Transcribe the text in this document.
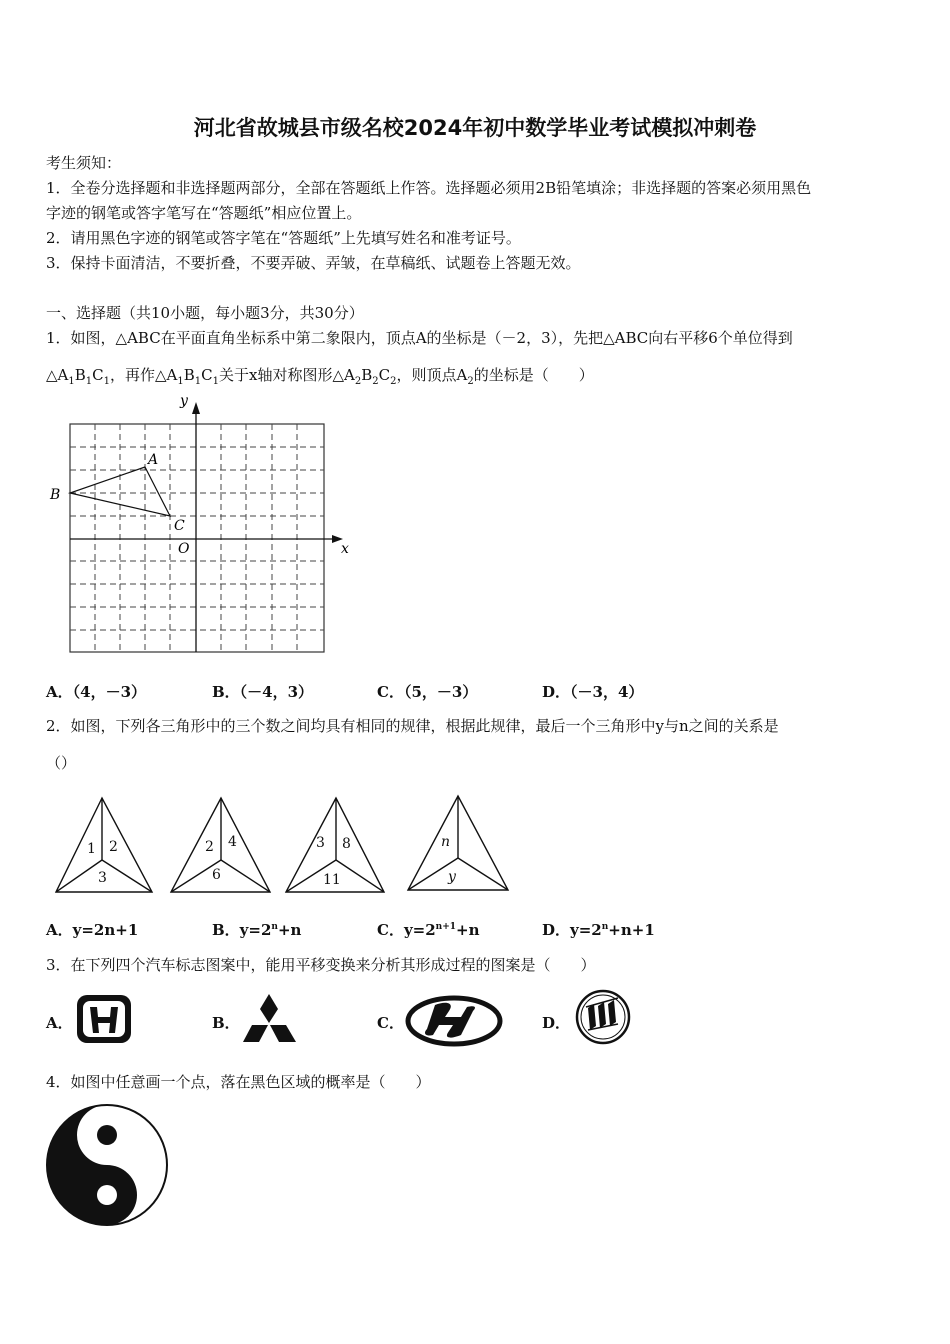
河北省故城县市级名校2024年初中数学毕业考试模拟冲刺卷
考生须知：
1．全卷分选择题和非选择题两部分，全部在答题纸上作答。选择题必须用2B铅笔填涂；非选择题的答案必须用黑色
字迹的钢笔或答字笔写在“答题纸”相应位置上。
2．请用黑色字迹的钢笔或答字笔在“答题纸”上先填写姓名和准考证号。
3．保持卡面清洁，不要折叠，不要弄破、弄皱，在草稿纸、试题卷上答题无效。
一、选择题（共10小题，每小题3分，共30分）
1．如图，△ABC在平面直角坐标系中第二象限内，顶点A的坐标是（－2，3），先把△ABC向右平移6个单位得到
$\triangle A_1B_1C_1$，再作$\triangle A_1B_1C_1$关于x轴对称图形$\triangle A_2B_2C_2$，则顶点$A_2$的坐标是（　　）
y
x
O
A
B
C
A．（4，－3）	B．（－4，3）	C．（5，－3）	D．（－3，4）
2．如图，下列各三角形中的三个数之间均具有相同的规律，根据此规律，最后一个三角形中y与n之间的关系是
（）
1 2
3
2 4
6
3 8
11
n
y
A．y=2n+1	B．$y=2^n+n$	C．$y=2^{n+1}+n$	D．$y=2^n+n+1$
3．在下列四个汽车标志图案中，能用平移变换来分析其形成过程的图案是（　　）
A．	B．	C．	D．
4．如图中任意画一个点，落在黑色区域的概率是（　　）
